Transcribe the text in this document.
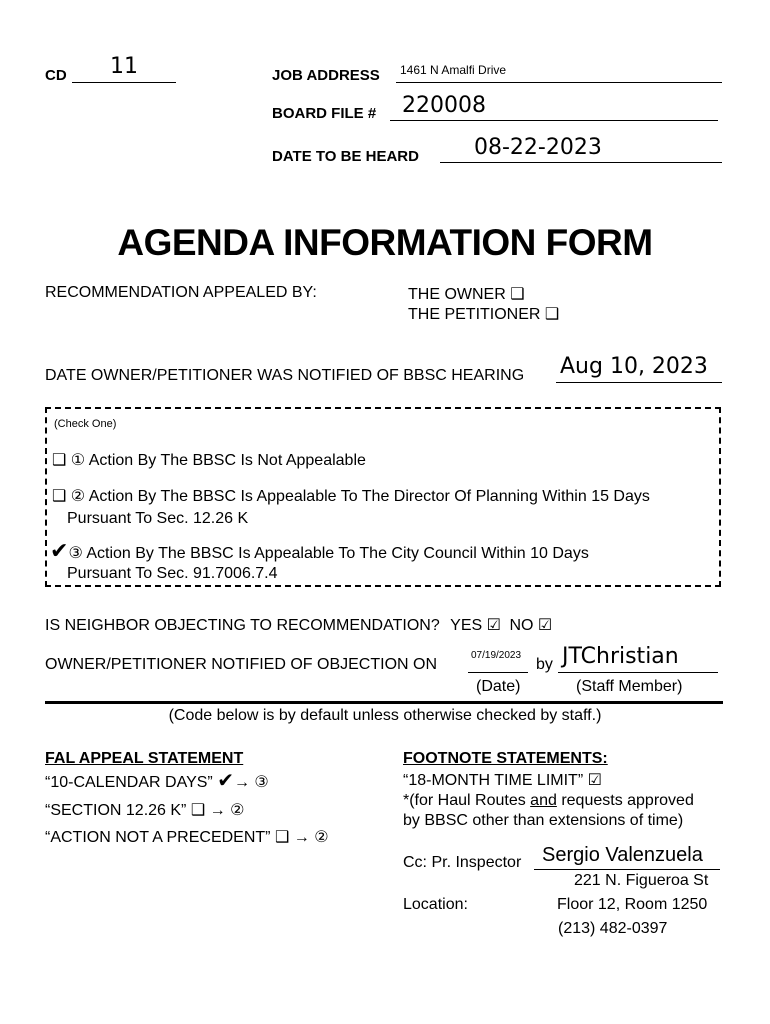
CD 11	JOB ADDRESS 1461 N Amalfi Drive
BOARD FILE # 220008
DATE TO BE HEARD	08-22-2023
AGENDA INFORMATION FORM
RECOMMENDATION APPEALED BY:	THE OWNER ❑
THE PETITIONER ❑
DATE OWNER/PETITIONER WAS NOTIFIED OF BBSC HEARING Aug 10, 2023
(Check One)
❑ ① Action By The BBSC Is Not Appealable
❑ ② Action By The BBSC Is Appealable To The Director Of Planning Within 15 Days
Pursuant To Sec. 12.26 K
✔③ Action By The BBSC Is Appealable To The City Council Within 10 Days
Pursuant To Sec. 91.7006.7.4
IS NEIGHBOR OBJECTING TO RECOMMENDATION? YES ☑ NO ☑
OWNER/PETITIONER NOTIFIED OF OBJECTION ON
07/19/2023
by JTChristian
(Date)	(Staff Member)
(Code below is by default unless otherwise checked by staff.)
FAL APPEAL STATEMENT
“10-CALENDAR DAYS” ✔→ ③
“SECTION 12.26 K” ❑ → ②
“ACTION NOT A PRECEDENT” ❑ → ②
FOOTNOTE STATEMENTS:
“18-MONTH TIME LIMIT” ☑
*(for Haul Routes and requests approved
by BBSC other than extensions of time)
Cc: Pr. Inspector Sergio Valenzuela
221 N. Figueroa St
Location:	Floor 12, Room 1250
(213) 482-0397
